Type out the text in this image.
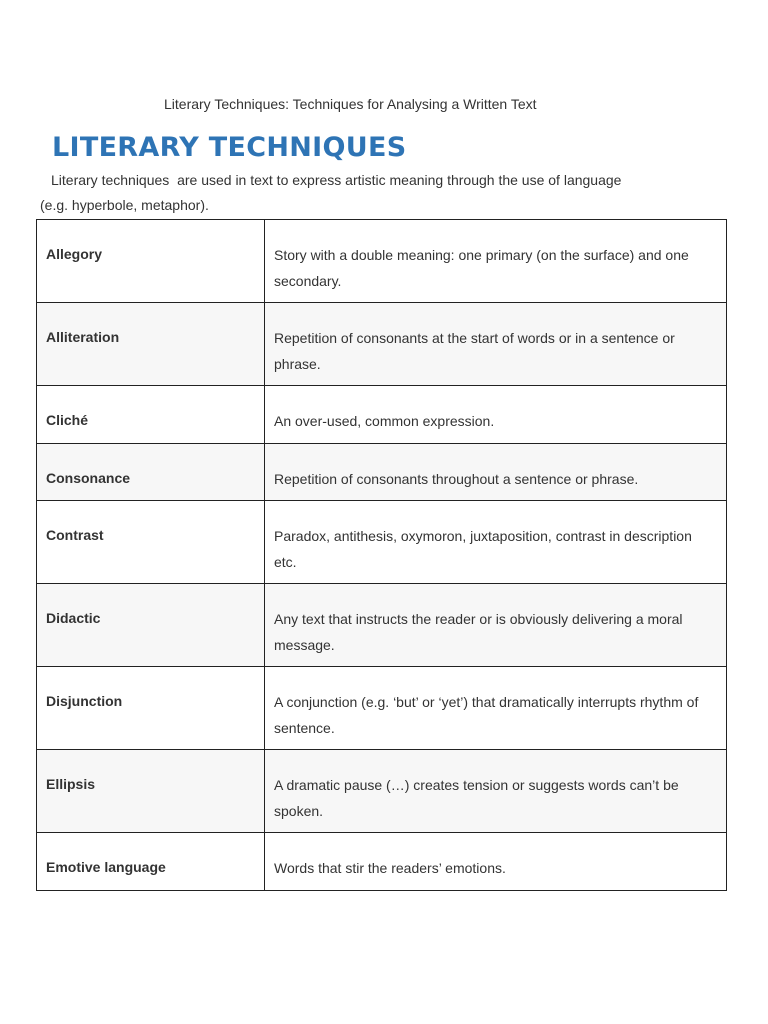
Literary Techniques: Techniques for Analysing a Written Text
LITERARY TECHNIQUES
Literary techniques  are used in text to express artistic meaning through the use of language
(e.g. hyperbole, metaphor).
Allegory	Story with a double meaning: one primary (on the surface) and one secondary.
Alliteration	Repetition of consonants at the start of words or in a sentence or phrase.
Cliché	An over-used, common expression.
Consonance	Repetition of consonants throughout a sentence or phrase.
Contrast	Paradox, antithesis, oxymoron, juxtaposition, contrast in description etc.
Didactic	Any text that instructs the reader or is obviously delivering a moral message.
Disjunction	A conjunction (e.g. ‘but’ or ‘yet’) that dramatically interrupts rhythm of sentence.
Ellipsis	A dramatic pause (…) creates tension or suggests words can’t be spoken.
Emotive language	Words that stir the readers’ emotions.
